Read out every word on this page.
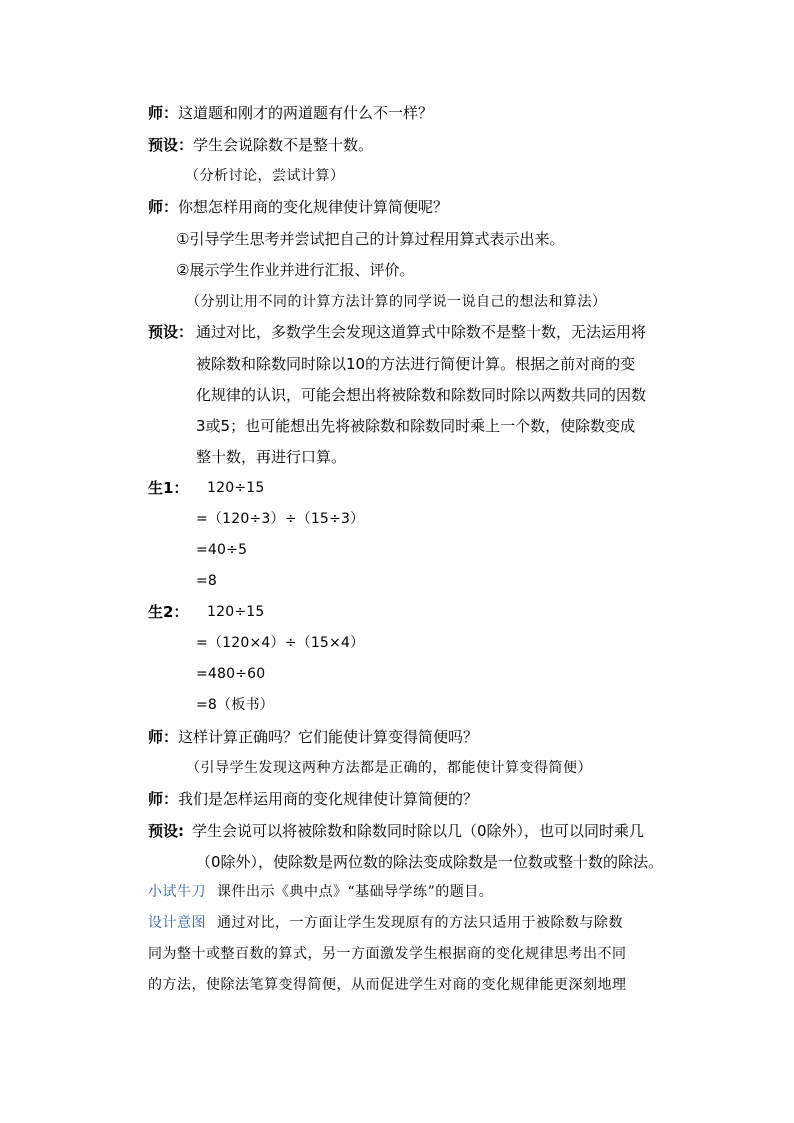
师：这道题和刚才的两道题有什么不一样？
预设：学生会说除数不是整十数。
（分析讨论，尝试计算）
师：你想怎样用商的变化规律使计算简便呢？
①引导学生思考并尝试把自己的计算过程用算式表示出来。
②展示学生作业并进行汇报、评价。
（分别让用不同的计算方法计算的同学说一说自己的想法和算法）
预设： 通过对比，多数学生会发现这道算式中除数不是整十数，无法运用将
被除数和除数同时除以10的方法进行简便计算。根据之前对商的变
化规律的认识，可能会想出将被除数和除数同时除以两数共同的因数
3或5；也可能想出先将被除数和除数同时乘上一个数，使除数变成
整十数，再进行口算。
生1： 120÷15
=（120÷3）÷（15÷3）
=40÷5
=8
生2： 120÷15
=（120×4）÷（15×4）
=480÷60
=8（板书）
师：这样计算正确吗？它们能使计算变得简便吗？
（引导学生发现这两种方法都是正确的，都能使计算变得简便）
师：我们是怎样运用商的变化规律使计算简便的？
预设: 学生会说可以将被除数和除数同时除以几（0除外），也可以同时乘几
（0除外），使除数是两位数的除法变成除数是一位数或整十数的除法。
小试牛刀 课件出示《典中点》“基础导学练”的题目。
设计意图 通过对比，一方面让学生发现原有的方法只适用于被除数与除数
同为整十或整百数的算式，另一方面激发学生根据商的变化规律思考出不同
的方法，使除法笔算变得简便，从而促进学生对商的变化规律能更深刻地理
